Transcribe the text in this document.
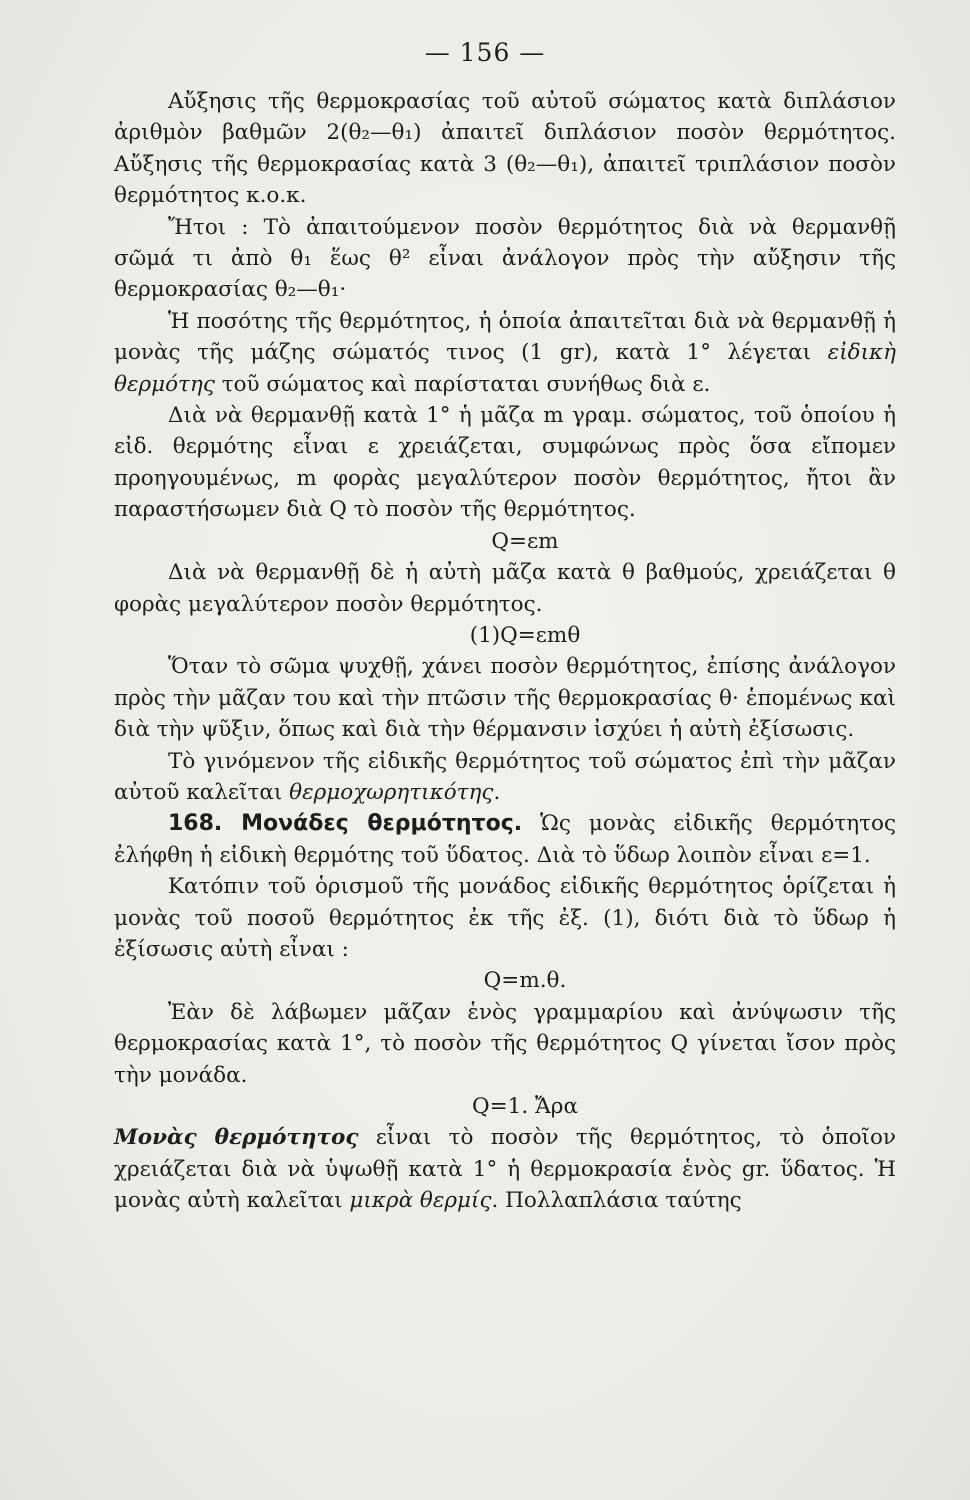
— 156 —

Αὔξησις τῆς θερμοκρασίας τοῦ αὐτοῦ σώματος κατὰ διπλάσιον ἀριθμὸν βαθμῶν 2(θ₂—θ₁) ἀπαιτεῖ διπλάσιον ποσὸν θερμότητος. Αὔξησις τῆς θερμοκρασίας κατὰ 3 (θ₂—θ₁), ἀπαιτεῖ τριπλάσιον ποσὸν θερμότητος κ.ο.κ.

Ἤτοι : Τὸ ἀπαιτούμενον ποσὸν θερμότητος διὰ νὰ θερμανθῇ σῶμά τι ἀπὸ θ₁ ἕως θ² εἶναι ἀνάλογον πρὸς τὴν αὔξησιν τῆς θερμοκρασίας θ₂—θ₁·

Ἡ ποσότης τῆς θερμότητος, ἡ ὁποία ἀπαιτεῖται διὰ νὰ θερμανθῇ ἡ μονὰς τῆς μάζης σώματός τινος (1 gr), κατὰ 1° λέγεται εἰδικὴ θερμότης τοῦ σώματος καὶ παρίσταται συνήθως διὰ ε.

Διὰ νὰ θερμανθῇ κατὰ 1° ἡ μᾶζα m γραμ. σώματος, τοῦ ὁποίου ἡ εἰδ. θερμότης εἶναι ε χρειάζεται, συμφώνως πρὸς ὅσα εἴπομεν προηγουμένως, m φορὰς μεγαλύτερον ποσὸν θερμότητος, ἤτοι ἂν παραστήσωμεν διὰ Q τὸ ποσὸν τῆς θερμότητος.

Q=εm

Διὰ νὰ θερμανθῇ δὲ ἡ αὐτὴ μᾶζα κατὰ θ βαθμούς, χρειάζεται θ φορὰς μεγαλύτερον ποσὸν θερμότητος.

(1)Q=εmθ

Ὅταν τὸ σῶμα ψυχθῇ, χάνει ποσὸν θερμότητος, ἐπίσης ἀνάλογον πρὸς τὴν μᾶζαν του καὶ τὴν πτῶσιν τῆς θερμοκρασίας θ· ἑπομένως καὶ διὰ τὴν ψῦξιν, ὅπως καὶ διὰ τὴν θέρμανσιν ἰσχύει ἡ αὐτὴ ἐξίσωσις.

Τὸ γινόμενον τῆς εἰδικῆς θερμότητος τοῦ σώματος ἐπὶ τὴν μᾶζαν αὐτοῦ καλεῖται θερμοχωρητικότης.

168. Μονάδες θερμότητος. Ὡς μονὰς εἰδικῆς θερμότητος ἐλήφθη ἡ εἰδικὴ θερμότης τοῦ ὕδατος. Διὰ τὸ ὕδωρ λοιπὸν εἶναι ε=1.

Κατόπιν τοῦ ὁρισμοῦ τῆς μονάδος εἰδικῆς θερμότητος ὁρίζεται ἡ μονὰς τοῦ ποσοῦ θερμότητος ἐκ τῆς ἐξ. (1), διότι διὰ τὸ ὕδωρ ἡ ἐξίσωσις αὐτὴ εἶναι :

Q=m.θ.

Ἐὰν δὲ λάβωμεν μᾶζαν ἑνὸς γραμμαρίου καὶ ἀνύψωσιν τῆς θερμοκρασίας κατὰ 1°, τὸ ποσὸν τῆς θερμότητος Q γίνεται ἴσον πρὸς τὴν μονάδα.

Q=1. Ἄρα

Μονὰς θερμότητος εἶναι τὸ ποσὸν τῆς θερμότητος, τὸ ὁποῖον χρειάζεται διὰ νὰ ὑψωθῇ κατὰ 1° ἡ θερμοκρασία ἑνὸς gr. ὕδατος. Ἡ μονὰς αὐτὴ καλεῖται μικρὰ θερμίς. Πολλαπλάσια ταύτης
